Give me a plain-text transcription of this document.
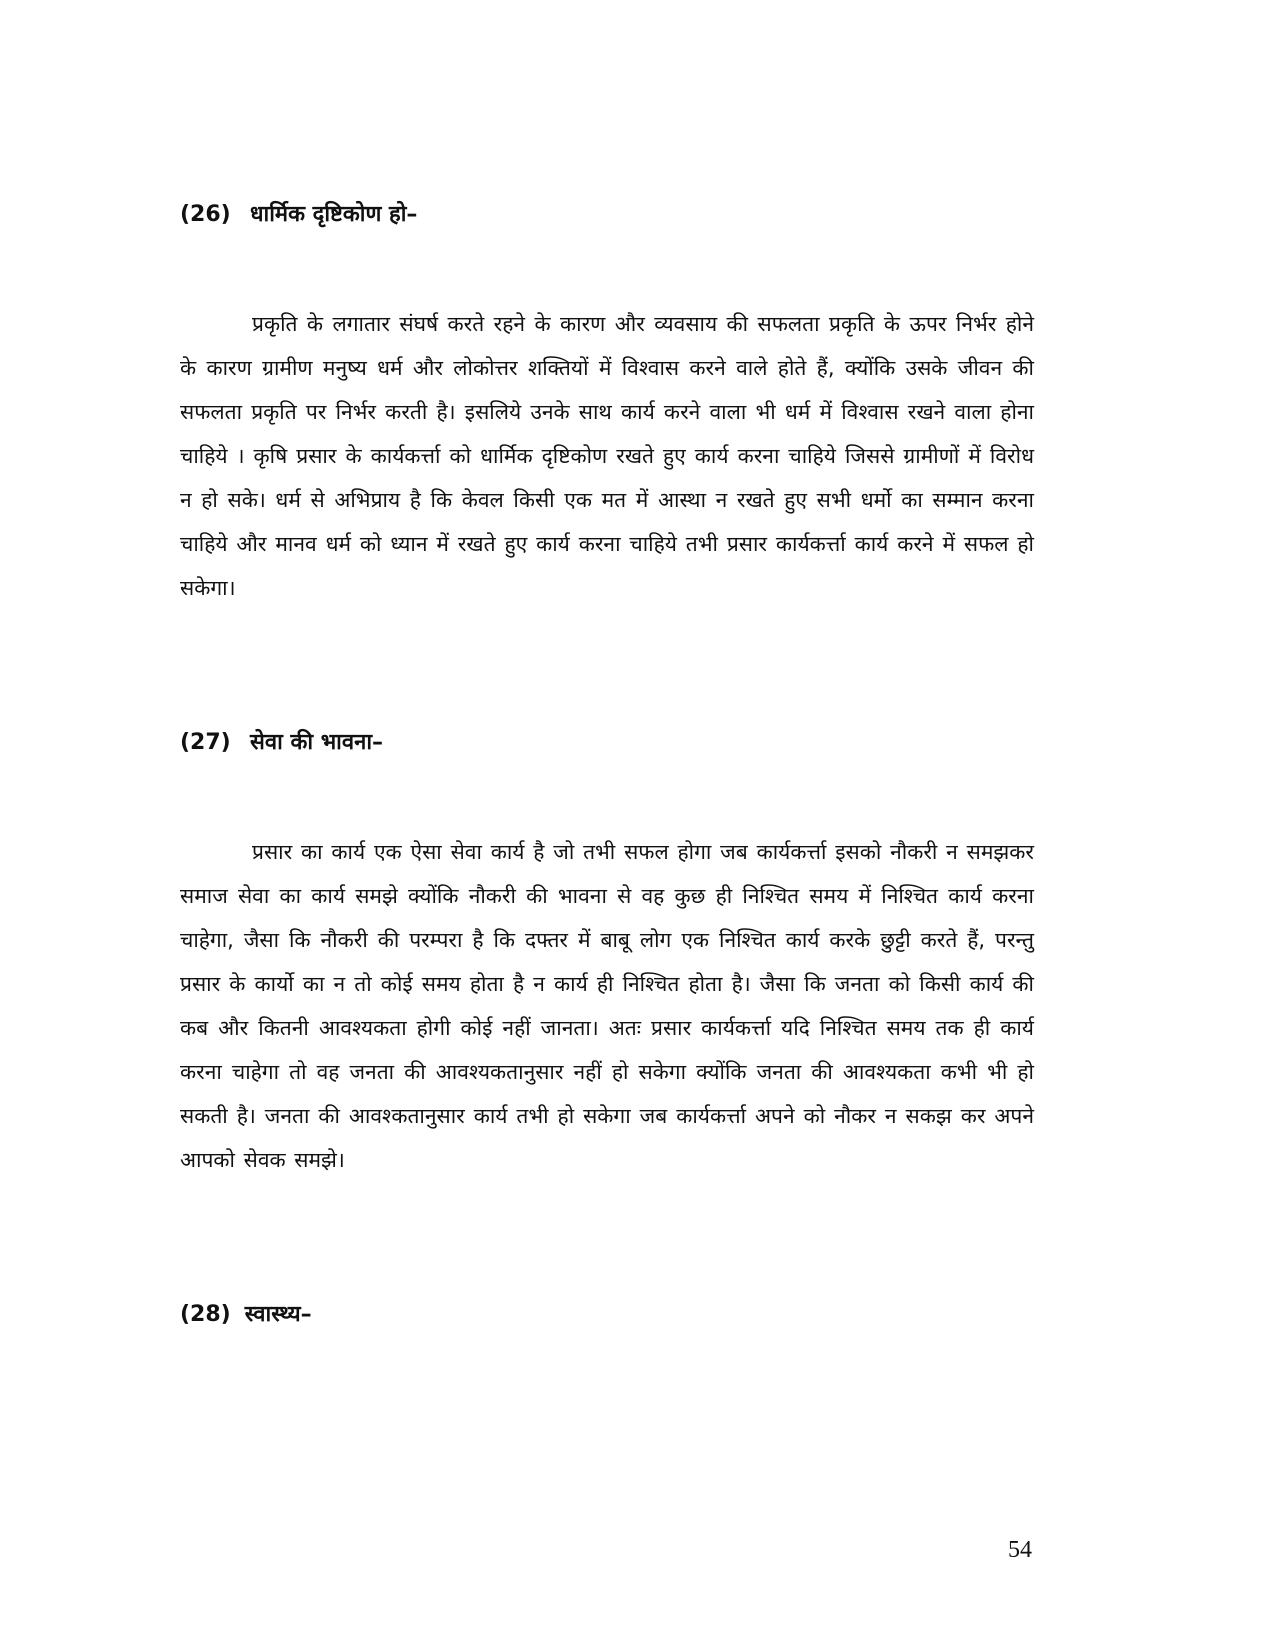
(26) धार्मिक दृष्टिकोण हो–

प्रकृति के लगातार संघर्ष करते रहने के कारण और व्यवसाय की सफलता प्रकृति के ऊपर निर्भर होने के कारण ग्रामीण मनुष्य धर्म और लोकोत्तर शक्तियों में विश्वास करने वाले होते हैं, क्योंकि उसके जीवन की सफलता प्रकृति पर निर्भर करती है। इसलिये उनके साथ कार्य करने वाला भी धर्म में विश्वास रखने वाला होना चाहिये । कृषि प्रसार के कार्यकर्त्ता को धार्मिक दृष्टिकोण रखते हुए कार्य करना चाहिये जिससे ग्रामीणों में विरोध न हो सके। धर्म से अभिप्राय है कि केवल किसी एक मत में आस्था न रखते हुए सभी धर्मो का सम्मान करना चाहिये और मानव धर्म को ध्यान में रखते हुए कार्य करना चाहिये तभी प्रसार कार्यकर्त्ता कार्य करने में सफल हो सकेगा।

(27) सेवा की भावना–

प्रसार का कार्य एक ऐसा सेवा कार्य है जो तभी सफल होगा जब कार्यकर्त्ता इसको नौकरी न समझकर समाज सेवा का कार्य समझे क्योंकि नौकरी की भावना से वह कुछ ही निश्चित समय में निश्चित कार्य करना चाहेगा, जैसा कि नौकरी की परम्परा है कि दफ्तर में बाबू लोग एक निश्चित कार्य करके छुट्टी करते हैं, परन्तु प्रसार के कार्यो का न तो कोई समय होता है न कार्य ही निश्चित होता है। जैसा कि जनता को किसी कार्य की कब और कितनी आवश्यकता होगी कोई नहीं जानता। अतः प्रसार कार्यकर्त्ता यदि निश्चित समय तक ही कार्य करना चाहेगा तो वह जनता की आवश्यकतानुसार नहीं हो सकेगा क्योंकि जनता की आवश्यकता कभी भी हो सकती है। जनता की आवश्कतानुसार कार्य तभी हो सकेगा जब कार्यकर्त्ता अपने को नौकर न सकझ कर अपने आपको सेवक समझे।

(28) स्वास्थ्य–
54
